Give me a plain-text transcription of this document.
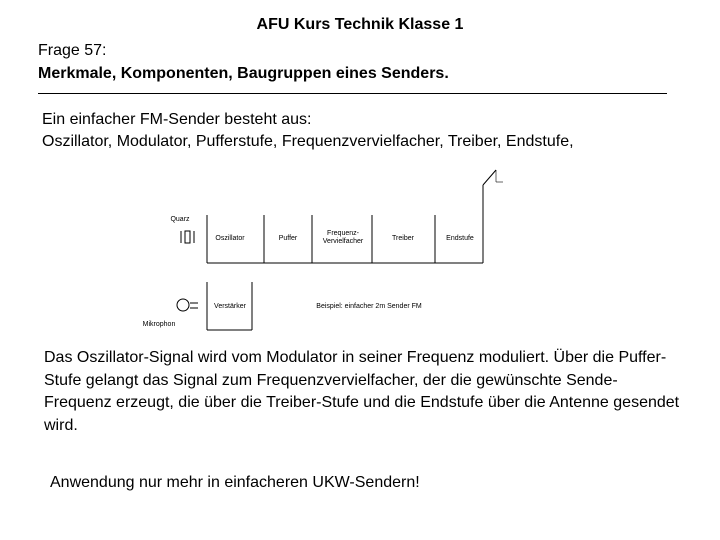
AFU Kurs Technik Klasse 1
Frage 57:
Merkmale, Komponenten, Baugruppen eines Senders.
Ein einfacher FM-Sender besteht aus:
Oszillator, Modulator, Pufferstufe, Frequenzvervielfacher, Treiber, Endstufe,
Quarz
Oszillator	Puffer
Frequenz-
Vervielfacher	Treiber	Endstufe
Verstärker
Mikrophon
Beispiel: einfacher 2m Sender FM
Das Oszillator-Signal wird vom Modulator in seiner Frequenz moduliert. Über die Puffer-Stufe gelangt das Signal zum Frequenzvervielfacher, der die gewünschte Sende-Frequenz erzeugt, die über die Treiber-Stufe und die Endstufe über die Antenne gesendet wird.
Anwendung nur mehr in einfacheren UKW-Sendern!
